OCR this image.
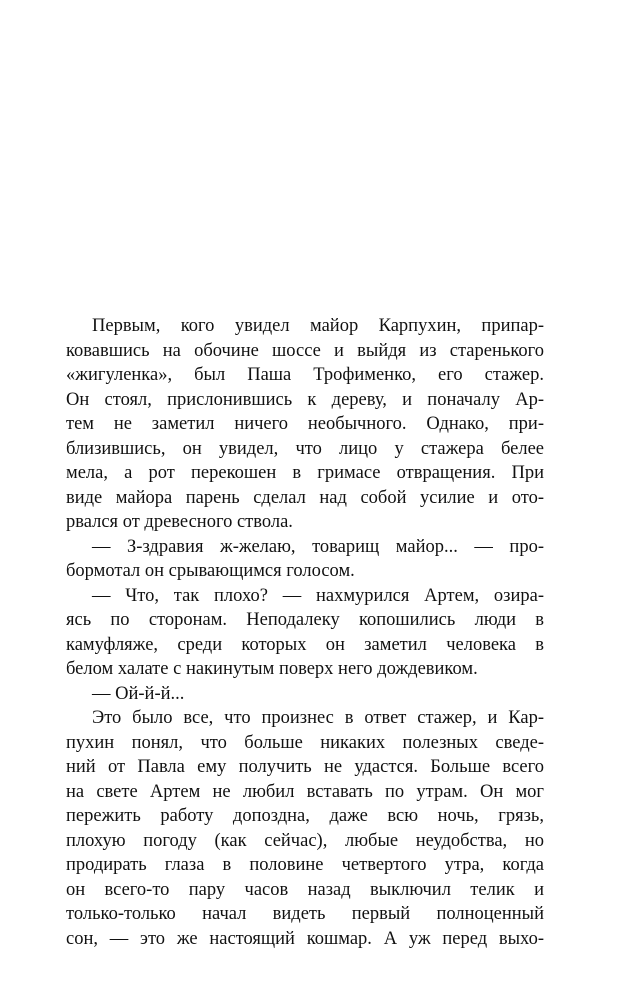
Первым, кого увидел майор Карпухин, припар-
ковавшись на обочине шоссе и выйдя из старенького
«жигуленка», был Паша Трофименко, его стажер.
Он стоял, прислонившись к дереву, и поначалу Ар-
тем не заметил ничего необычного. Однако, при-
близившись, он увидел, что лицо у стажера белее
мела, а рот перекошен в гримасе отвращения. При
виде майора парень сделал над собой усилие и ото-
рвался от древесного ствола.

— З-здравия ж-желаю, товарищ майор... — про-
бормотал он срывающимся голосом.

— Что, так плохо? — нахмурился Артем, озира-
ясь по сторонам. Неподалеку копошились люди в
камуфляже, среди которых он заметил человека в
белом халате с накинутым поверх него дождевиком.

— Ой-й-й...

Это было все, что произнес в ответ стажер, и Кар-
пухин понял, что больше никаких полезных сведе-
ний от Павла ему получить не удастся. Больше всего
на свете Артем не любил вставать по утрам. Он мог
пережить работу допоздна, даже всю ночь, грязь,
плохую погоду (как сейчас), любые неудобства, но
продирать глаза в половине четвертого утра, когда
он всего-то пару часов назад выключил телик и
только-только начал видеть первый полноценный
сон, — это же настоящий кошмар. А уж перед выхо-
